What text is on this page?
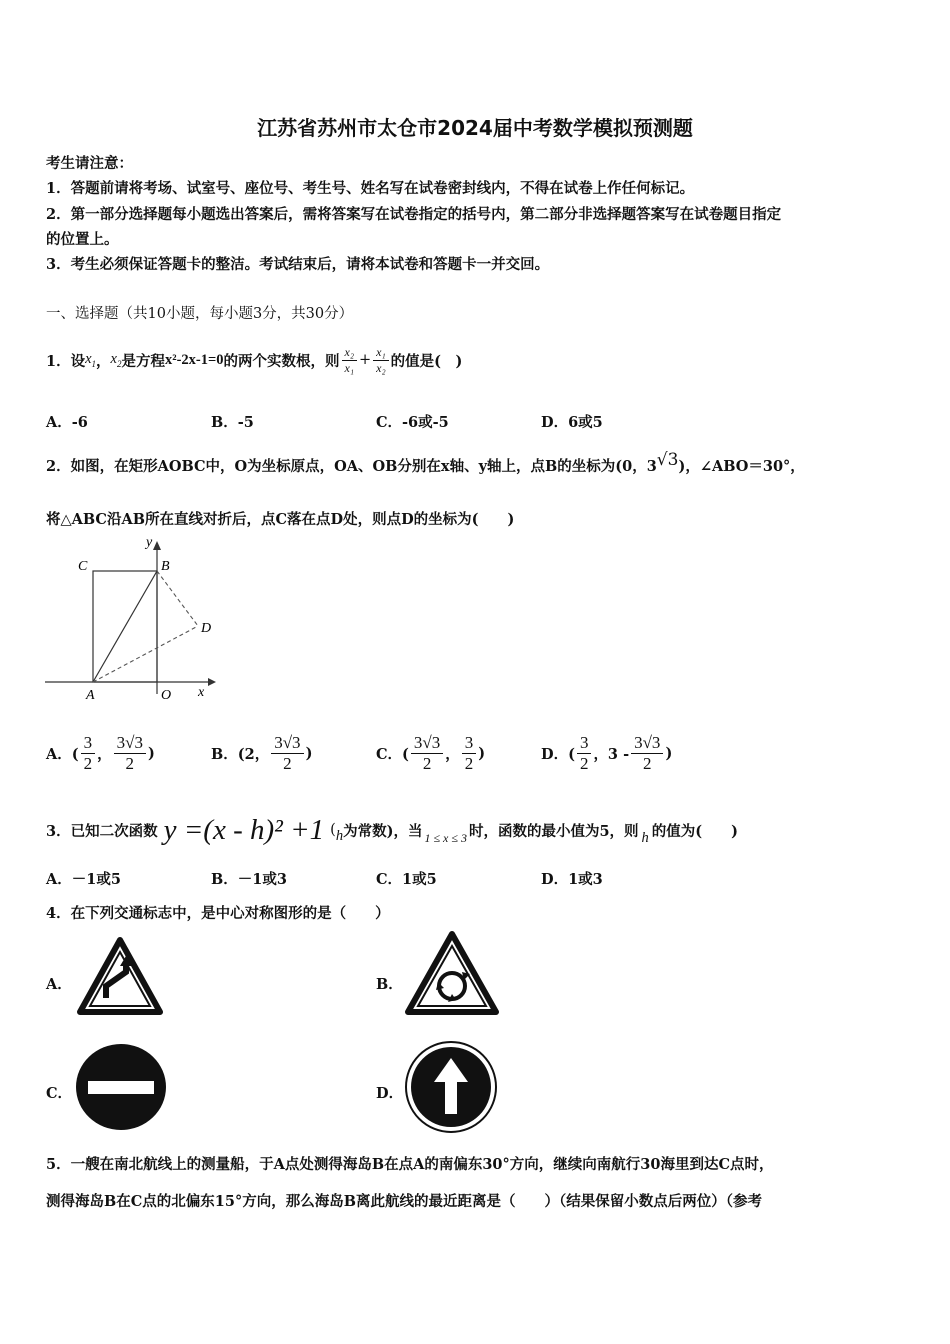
江苏省苏州市太仓市2024届中考数学模拟预测题
考生请注意：
1．答题前请将考场、试室号、座位号、考生号、姓名写在试卷密封线内，不得在试卷上作任何标记。
2．第一部分选择题每小题选出答案后，需将答案写在试卷指定的括号内，第二部分非选择题答案写在试卷题目指定
的位置上。
3．考生必须保证答题卡的整洁。考试结束后，请将本试卷和答题卡一并交回。
一、选择题（共10小题，每小题3分，共30分）
1．设 $x_1$ ， $x_2$ 是方程 x²-2x-1=0 的两个实数根，则 $\frac{\text{x₂}}{\text{x₁}} + \frac{\text{x₁}}{\text{x₂}}$ 的值是(　)
A．-6	B．-5	C．-6或-5	D．6或5
2．如图，在矩形AOBC中，O为坐标原点，OA、OB分别在x轴、y轴上，点B的坐标为(0，3 √3 )，∠ABO＝30°，
将△ABC沿AB所在直线对折后，点C落在点D处，则点D的坐标为(　　)
C	B
D
A	O x
y
A．( $\frac{3}{2}$ ， $\frac{3√3}{2}$ )	B．(2， $\frac{3√3}{2}$ )	C．( $\frac{3√3}{2}$ ， $\frac{3}{2}$ )	D．( $\frac{3}{2}$ ，$3 - \frac{3√3}{2}$ )
3．已知二次函数 y =(x - h)² +1 ( h 为常数)，当 1 ≤ x ≤ 3 时，函数的最小值为5，则 h 的值为(　　)
A．－1或5	B．－1或3	C．1或5	D．1或3
4．在下列交通标志中，是中心对称图形的是（　　）
A．	B．
C．	D．
5．一艘在南北航线上的测量船，于A点处测得海岛B在点A的南偏东30°方向，继续向南航行30海里到达C点时，
测得海岛B在C点的北偏东15°方向，那么海岛B离此航线的最近距离是（　　）（结果保留小数点后两位）（参考
